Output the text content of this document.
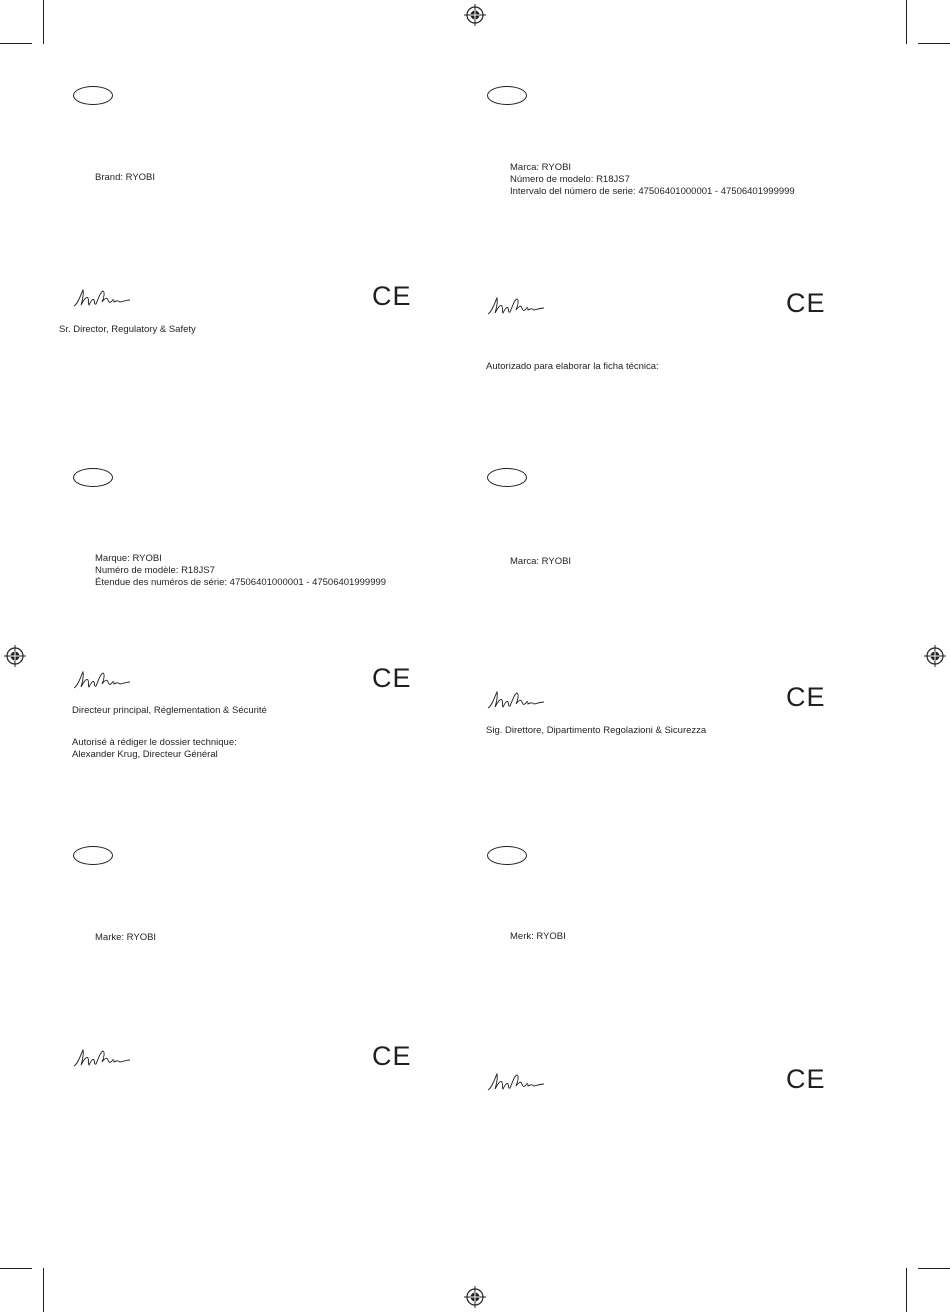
Brand: RYOBI
CE
Sr. Director, Regulatory & Safety
Marca: RYOBI
Número de modelo: R18JS7
Intervalo del número de serie: 47506401000001 - 47506401999999
CE
Autorizado para elaborar la ficha técnica:
Marque: RYOBI
Numéro de modèle: R18JS7
Étendue des numéros de série: 47506401000001 - 47506401999999
CE
Directeur principal, Réglementation & Sécurité
Autorisé à rédiger le dossier technique:
Alexander Krug, Directeur Général
Marca: RYOBI
CE
Sig. Direttore, Dipartimento Regolazioni & Sicurezza
Marke: RYOBI
CE
Merk: RYOBI
CE
